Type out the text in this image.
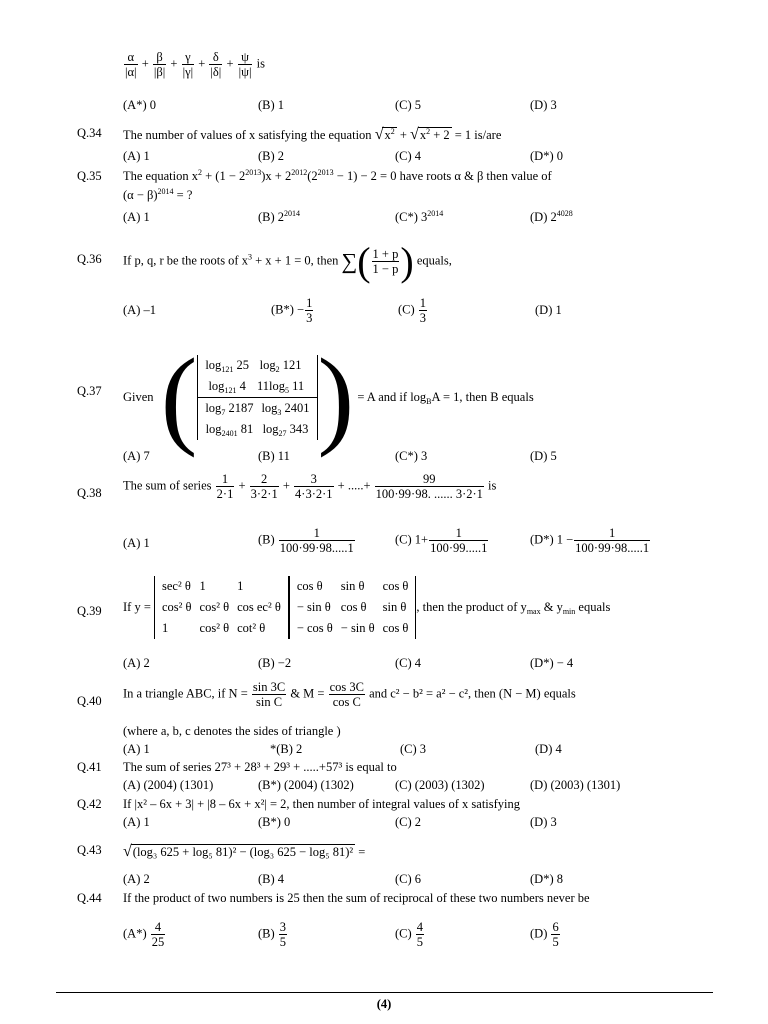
$\frac{\alpha}{|\alpha|} + \frac{\beta}{|\beta|} + \frac{\gamma}{|\gamma|} + \frac{\delta}{|\delta|} + \frac{\psi}{|\psi|}$ is
(A*) 0	(B) 1	(C) 5	(D) 3
Q.34	The number of values of x satisfying the equation $√x^2 + √x^2 + 2 = 1$ is/are
(A) 1	(B) 2	(C) 4	(D*) 0
Q.35	The equation $x^2 + (1 - 2^{2013})x + 2^{2012}(2^{2013} - 1) - 2 = 0$ have roots α & β then value of
$(\alpha - \beta)^{2014}$ = ?
(A) 1	(B) $2^{2014}$	(C*) $3^{2014}$	(D) $2^{4028}$
Q.36	If p, q, r be the roots of $x^3 + x + 1 = 0$, then ∑( $\frac{1 + p}{1 - p}$ ) equals,
(A) –1	$(B*) - \frac{1}{3}$	$(C) \frac{1}{3}$	(D) 1
Q.37	Given ( $\log_{121} 25$	$\log_2 121$
$\log_{121} 4$	$11\log_5$ 11
$\log_7 2187$	$\log_3 2401$
$\log_{2401} 81$	$\log_{27} 343$ ) = A and if $\log_BA = 1$, then B equals
(A) 7	(B) 11	(C*) 3	(D) 5
Q.38
The sum of series $\frac{1}{2\cdot 1} + \frac{2}{3\cdot 2\cdot 1} + \frac{3}{4\cdot 3\cdot 2\cdot 1}$ + .....+ $\frac{99}{100\cdot 99\cdot 98. ...... 3\cdot 2\cdot 1}$ is
(A) 1	$(B) \frac{1}{100\cdot 99\cdot 98.....1}$	(C) $1+ \frac{1}{100\cdot 99.....1}$	(D*) $1 - \frac{1}{100\cdot 99\cdot 98.....1}$
Q.39	If y =
sec² θ	1	1
cos² θ	cos² θ	cos ec² θ
1	cos² θ	cot² θ
cos θ	sin θ	cos θ
− sin θ	cos θ	sin θ
− cos θ	− sin θ	cos θ
, then the product of $y_{max}$ & $y_{min}$ equals
(A) 2	(B) −2	(C) 4	(D*) − 4
Q.40
In a triangle ABC, if $N = \frac{\sin 3C}{\text{sin C}}$ & $M = \frac{\cos 3C}{\text{cos C}}$ and c² − b² = a² − c², then (N − M) equals
(where a, b, c denotes the sides of triangle )
(A) 1	*(B) 2	(C) 3	(D) 4
Q.41	The sum of series 27³ + 28³ + 29³ + .....+57³ is equal to
(A) (2004) (1301)	(B*) (2004) (1302)	(C) (2003) (1302)	(D) (2003) (1301)
Q.42	If |x² – 6x + 3| + |8 – 6x + x²| = 2, then number of integral values of x satisfying
(A) 1	(B*) 0	(C) 2	(D) 3
Q.43	√(log₃ 625 + log₅ 81)² − (log₃ 625 − log₅ 81)² =
(A) 2	(B) 4	(C) 6	(D*) 8
Q.44	If the product of two numbers is 25 then the sum of reciprocal of these two numbers never be
$(A*) \frac{4}{25}$	$(B) \frac{3}{5}$	$(C) \frac{4}{5}$	$(D) \frac{6}{5}$
(4)
